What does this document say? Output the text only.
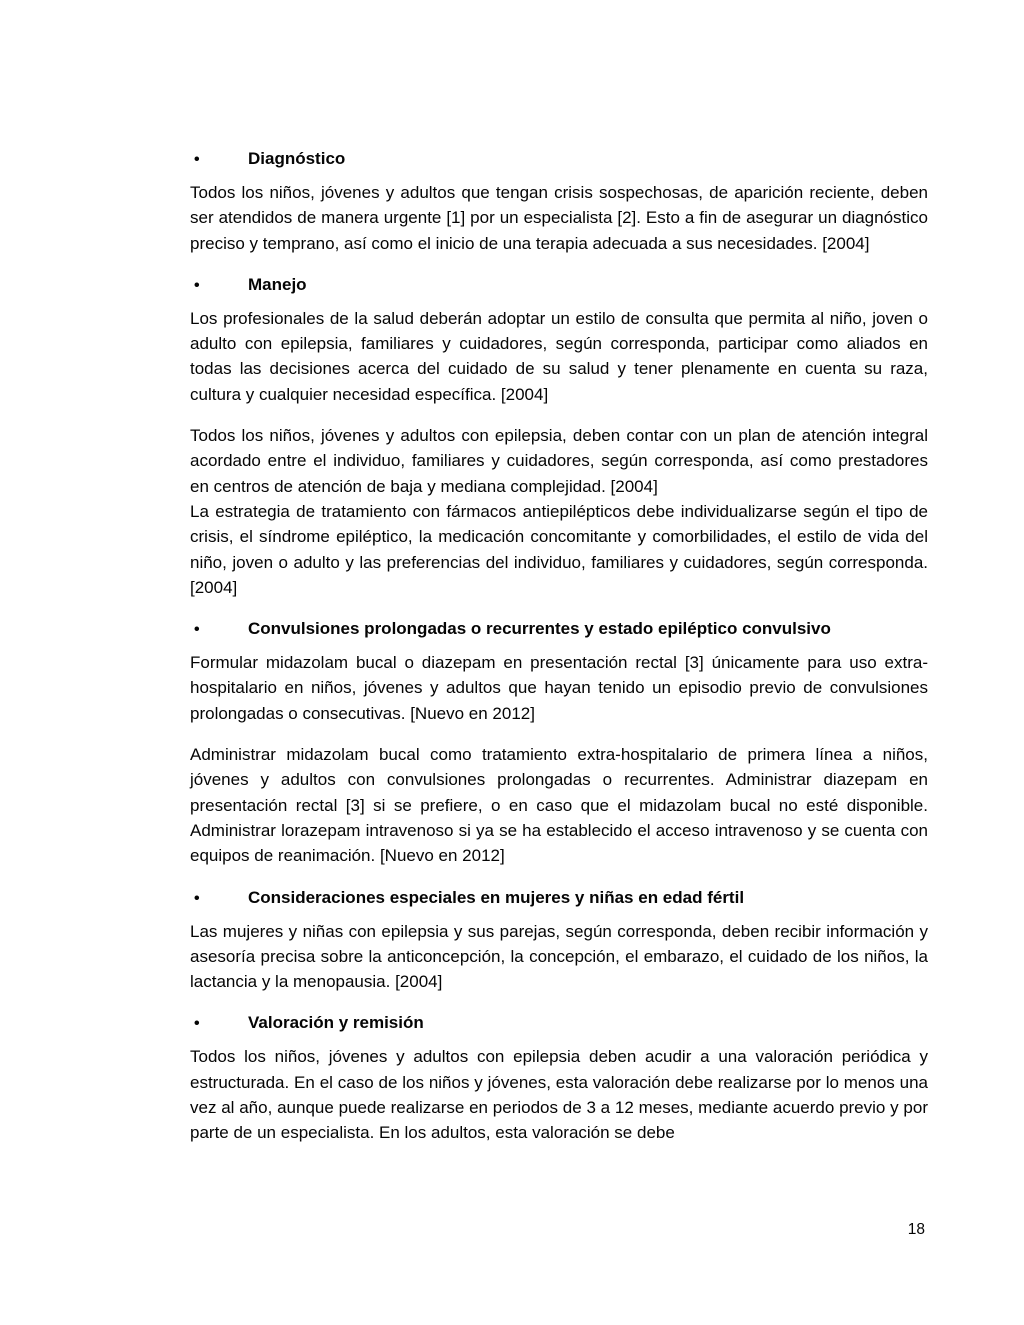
•	Diagnóstico

Todos los niños, jóvenes y adultos que tengan crisis sospechosas, de aparición reciente, deben ser atendidos de manera urgente [1] por un especialista [2]. Esto a fin de asegurar un diagnóstico preciso y temprano, así como el inicio de una terapia adecuada a sus necesidades. [2004]

•	Manejo

Los profesionales de la salud deberán adoptar un estilo de consulta que permita al niño, joven o adulto con epilepsia, familiares y cuidadores, según corresponda, participar como aliados en todas las decisiones acerca del cuidado de su salud y tener plenamente en cuenta su raza, cultura y cualquier necesidad específica. [2004]

Todos los niños, jóvenes y adultos con epilepsia, deben contar con un plan de atención integral acordado entre el individuo, familiares y cuidadores, según corresponda, así como prestadores en centros de atención de baja y mediana complejidad. [2004]

La estrategia de tratamiento con fármacos antiepilépticos debe individualizarse según el tipo de crisis, el síndrome epiléptico, la medicación concomitante y comorbilidades, el estilo de vida del niño, joven o adulto y las preferencias del individuo, familiares y cuidadores, según corresponda.[2004]

•	Convulsiones prolongadas o recurrentes y estado epiléptico convulsivo

Formular midazolam bucal o diazepam en presentación rectal [3] únicamente para uso extra-hospitalario en niños, jóvenes y adultos que hayan tenido un episodio previo de convulsiones prolongadas o consecutivas. [Nuevo en 2012]

Administrar midazolam bucal como tratamiento extra-hospitalario de primera línea a niños, jóvenes y adultos con convulsiones prolongadas o recurrentes. Administrar diazepam en presentación rectal [3] si se prefiere, o en caso que el midazolam bucal no esté disponible. Administrar lorazepam intravenoso si ya se ha establecido el acceso intravenoso y se cuenta con equipos de reanimación. [Nuevo en 2012]

•	Consideraciones especiales en mujeres y niñas en edad fértil

Las mujeres y niñas con epilepsia y sus parejas, según corresponda, deben recibir información y asesoría precisa sobre la anticoncepción, la concepción, el embarazo, el cuidado de los niños, la lactancia y la menopausia. [2004]

•	Valoración y remisión

Todos los niños, jóvenes y adultos con epilepsia deben acudir a una valoración periódica y estructurada. En el caso de los niños y jóvenes, esta valoración debe realizarse por lo menos una vez al año, aunque puede realizarse en periodos de 3 a 12 meses, mediante acuerdo previo y por parte de un especialista. En los adultos, esta valoración se debe

18
